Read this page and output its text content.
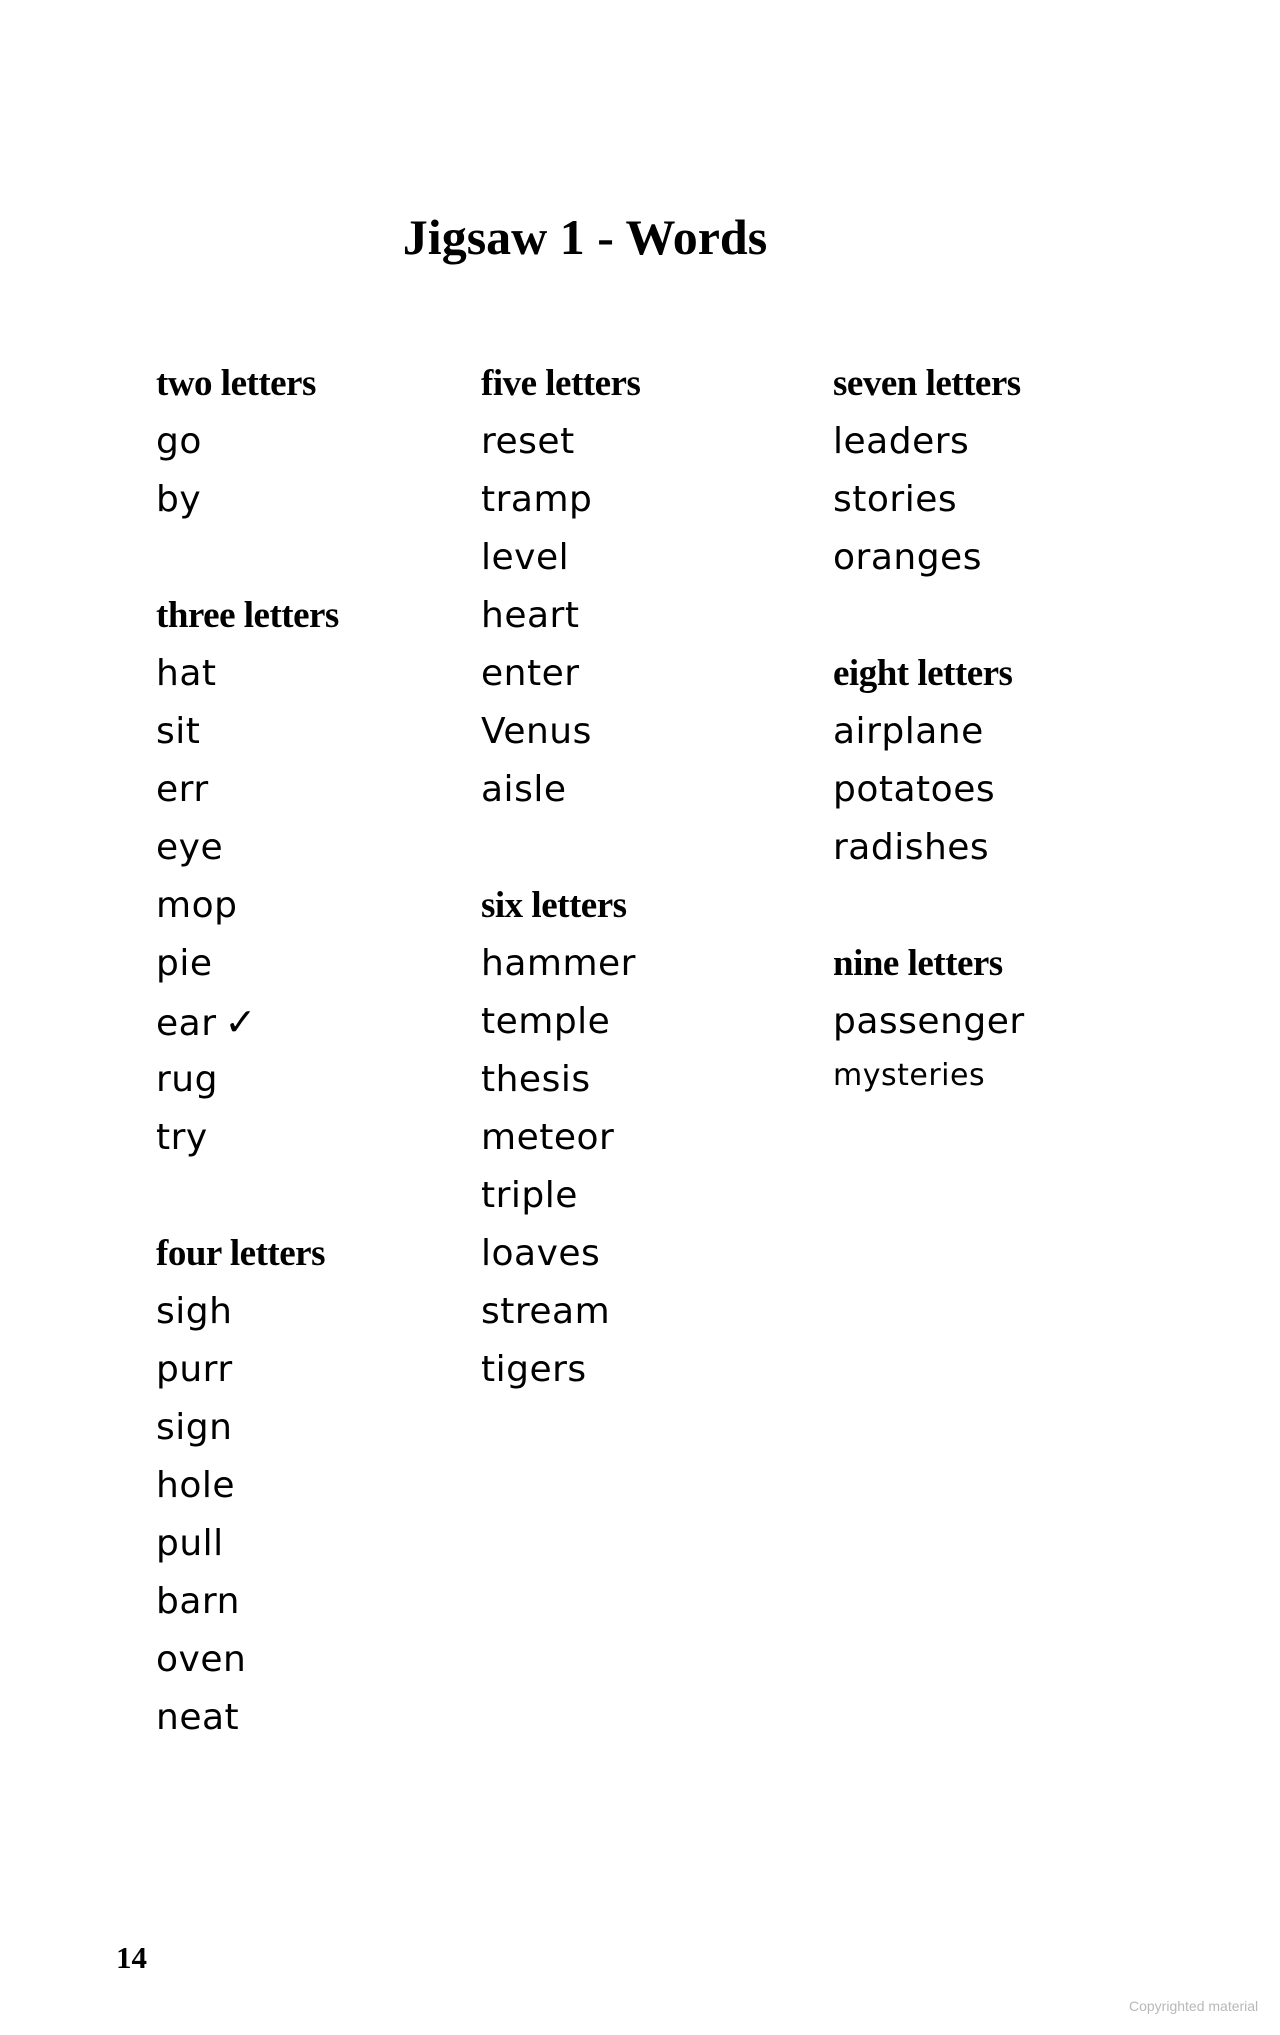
Jigsaw 1 - Words
two letters
go
by
three letters
hat
sit
err
eye
mop
pie
ear ✓
rug
try
four letters
sigh
purr
sign
hole
pull
barn
oven
neat
five letters
reset
tramp
level
heart
enter
Venus
aisle
six letters
hammer
temple
thesis
meteor
triple
loaves
stream
tigers
seven letters
leaders
stories
oranges
eight letters
airplane
potatoes
radishes
nine letters
passenger
mysteries
14
Copyrighted material
